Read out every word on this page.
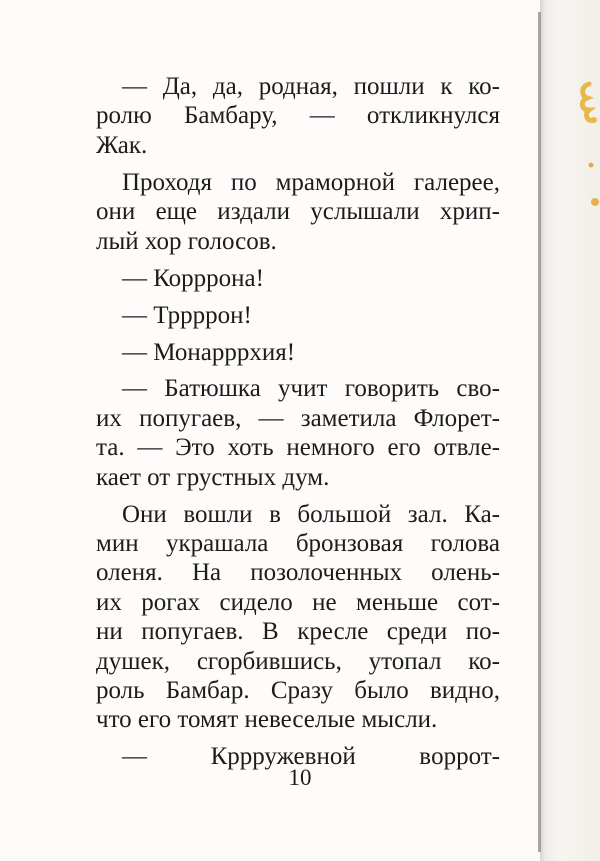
— Да, да, родная, пошли к ко-
ролю Бамбару, — откликнулся
Жак.
Проходя по мраморной галерее,
они еще издали услышали хрип-
лый хор голосов.
— Корррона!
— Тррррон!
— Монарррхия!
— Батюшка учит говорить сво-
их попугаев, — заметила Флорет-
та. — Это хоть немного его отвле-
кает от грустных дум.
Они вошли в большой зал. Ка-
мин украшала бронзовая голова
оленя. На позолоченных олень-
их рогах сидело не меньше сот-
ни попугаев. В кресле среди по-
душек, сгорбившись, утопал ко-
роль Бамбар. Сразу было видно,
что его томят невеселые мысли.
— Кррружевной вoррот-
10
